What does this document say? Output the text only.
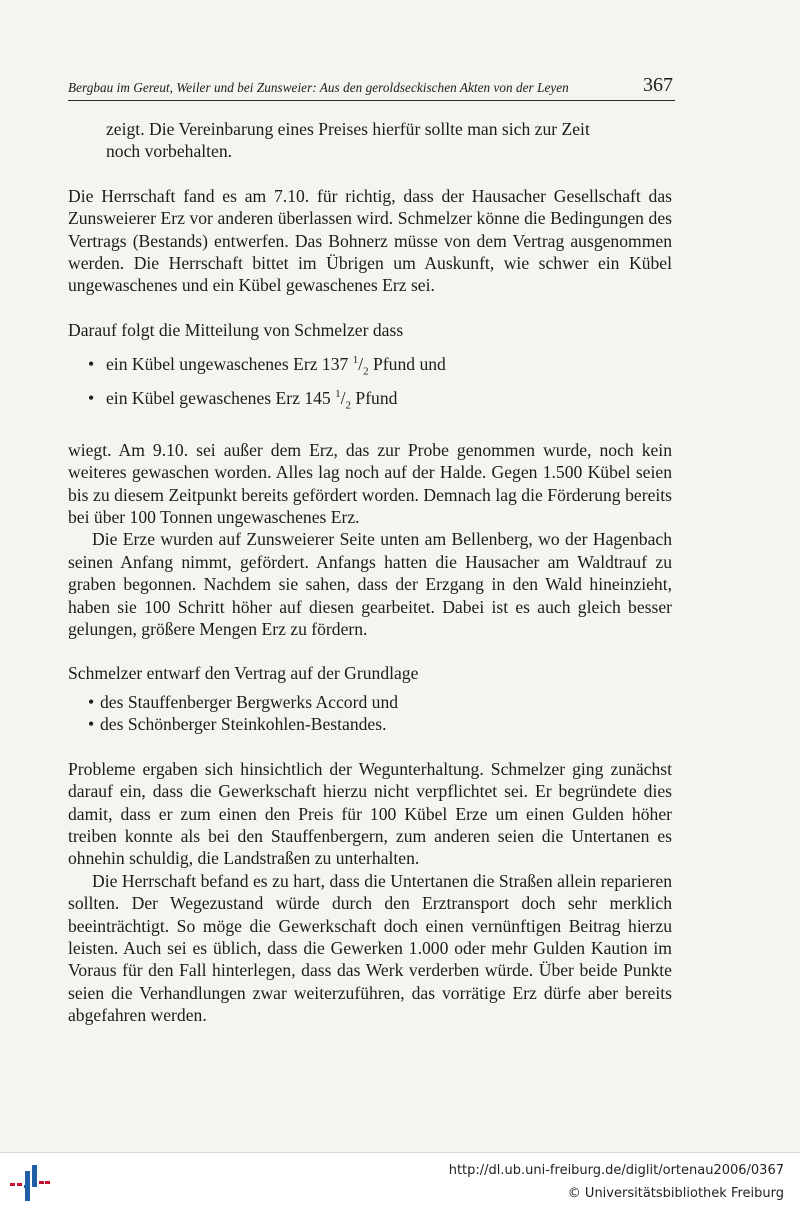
Bergbau im Gereut, Weiler und bei Zunsweier: Aus den geroldseckischen Akten von der Leyen	367

zeigt. Die Vereinbarung eines Preises hierfür sollte man sich zur Zeit

noch vorbehalten.

Die Herrschaft fand es am 7.10. für richtig, dass der Hausacher Gesellschaft das Zunsweierer Erz vor anderen überlassen wird. Schmelzer könne die Bedingungen des Vertrags (Bestands) entwerfen. Das Bohnerz müsse von dem Vertrag ausgenommen werden. Die Herrschaft bittet im Übrigen um Auskunft, wie schwer ein Kübel ungewaschenes und ein Kübel gewaschenes Erz sei.

Darauf folgt die Mitteilung von Schmelzer dass

• ein Kübel ungewaschenes Erz 137 $^1/_2$ Pfund und
• ein Kübel gewaschenes Erz 145 $^1/_2$ Pfund

wiegt. Am 9.10. sei außer dem Erz, das zur Probe genommen wurde, noch kein weiteres gewaschen worden. Alles lag noch auf der Halde. Gegen 1.500 Kübel seien bis zu diesem Zeitpunkt bereits gefördert worden. Demnach lag die Förderung bereits bei über 100 Tonnen ungewaschenes Erz.

Die Erze wurden auf Zunsweierer Seite unten am Bellenberg, wo der Hagenbach seinen Anfang nimmt, gefördert. Anfangs hatten die Hausacher am Waldtrauf zu graben begonnen. Nachdem sie sahen, dass der Erzgang in den Wald hineinzieht, haben sie 100 Schritt höher auf diesen gearbeitet. Dabei ist es auch gleich besser gelungen, größere Mengen Erz zu fördern.

Schmelzer entwarf den Vertrag auf der Grundlage

• des Stauffenberger Bergwerks Accord und
• des Schönberger Steinkohlen-Bestandes.

Probleme ergaben sich hinsichtlich der Wegunterhaltung. Schmelzer ging zunächst darauf ein, dass die Gewerkschaft hierzu nicht verpflichtet sei. Er begründete dies damit, dass er zum einen den Preis für 100 Kübel Erze um einen Gulden höher treiben konnte als bei den Stauffenbergern, zum anderen seien die Untertanen es ohnehin schuldig, die Landstraßen zu unterhalten.

Die Herrschaft befand es zu hart, dass die Untertanen die Straßen allein reparieren sollten. Der Wegezustand würde durch den Erztransport doch sehr merklich beeinträchtigt. So möge die Gewerkschaft doch einen vernünftigen Beitrag hierzu leisten. Auch sei es üblich, dass die Gewerken 1.000 oder mehr Gulden Kaution im Voraus für den Fall hinterlegen, dass das Werk verderben würde. Über beide Punkte seien die Verhandlungen zwar weiterzuführen, das vorrätige Erz dürfe aber bereits abgefahren werden.

http://dl.ub.uni-freiburg.de/diglit/ortenau2006/0367
© Universitätsbibliothek Freiburg
